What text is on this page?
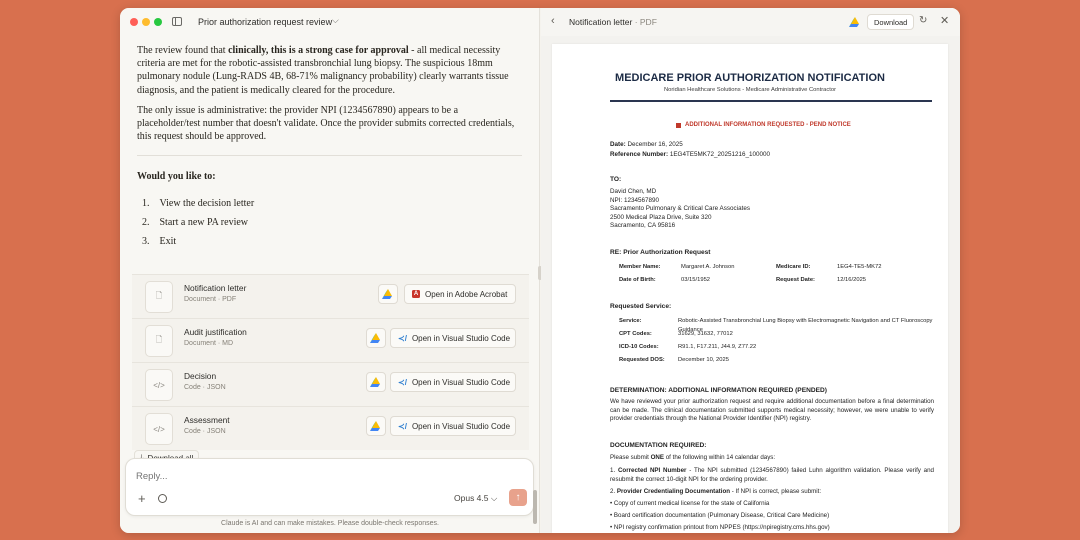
Prior authorization request review ⌵

The review found that clinically, this is a strong case for approval - all medical necessity criteria are met for the robotic-assisted transbronchial lung biopsy. The suspicious 18mm pulmonary nodule (Lung-RADS 4B, 68-71% malignancy probability) clearly warrants tissue diagnosis, and the patient is medically cleared for the procedure.

The only issue is administrative: the provider NPI (1234567890) appears to be a placeholder/test number that doesn't validate. Once the provider submits corrected credentials, this request should be approved.

Would you like to:
1. View the decision letter
2. Start a new PA review
3. Exit
🗋
Notification letter
Document · PDF
A Open in Adobe Acrobat
🗋
Audit justification
Document · MD
≺/ Open in Visual Studio Code
</>
Decision
Code · JSON
≺/ Open in Visual Studio Code
</>
Assessment
Code · JSON
≺/ Open in Visual Studio Code
Reply...
+	Opus 4.5 ⌵	↑
Claude is AI and can make mistakes. Please double-check responses.
‹ Notification letter · PDF	Download	↻ ✕
MEDICARE PRIOR AUTHORIZATION NOTIFICATION
Noridian Healthcare Solutions - Medicare Administrative Contractor
ADDITIONAL INFORMATION REQUESTED - PEND NOTICE
Date: December 16, 2025
Reference Number: 1EG4TE5MK72_20251216_100000
TO:
David Chen, MD
NPI: 1234567890
Sacramento Pulmonary & Critical Care Associates
2500 Medical Plaza Drive, Suite 320
Sacramento, CA 95816
RE: Prior Authorization Request
Member Name:	Margaret A. Johnson	Medicare ID:	1EG4-TE5-MK72
Date of Birth:	03/15/1952	Request Date:	12/16/2025
Requested Service:
Service:	Robotic-Assisted Transbronchial Lung Biopsy with Electromagnetic Navigation and CT Fluoroscopy Guidance
CPT Codes:	31629, 31632, 77012
ICD-10 Codes:	R91.1, F17.211, J44.9, Z77.22
Requested DOS: December 10, 2025
DETERMINATION: ADDITIONAL INFORMATION REQUIRED (PENDED)
We have reviewed your prior authorization request and require additional documentation before a final determination can be made. The clinical documentation submitted supports medical necessity; however, we were unable to verify provider credentials through the National Provider Identifier (NPI) registry.
DOCUMENTATION REQUIRED:
Please submit ONE of the following within 14 calendar days:
1. Corrected NPI Number - The NPI submitted (1234567890) failed Luhn algorithm validation. Please verify and resubmit the correct 10-digit NPI for the ordering provider.
2. Provider Credentialing Documentation - If NPI is correct, please submit:
• Copy of current medical license for the state of California
• Board certification documentation (Pulmonary Disease, Critical Care Medicine)
• NPI registry confirmation printout from NPPES (https://npiregistry.cms.hhs.gov)
